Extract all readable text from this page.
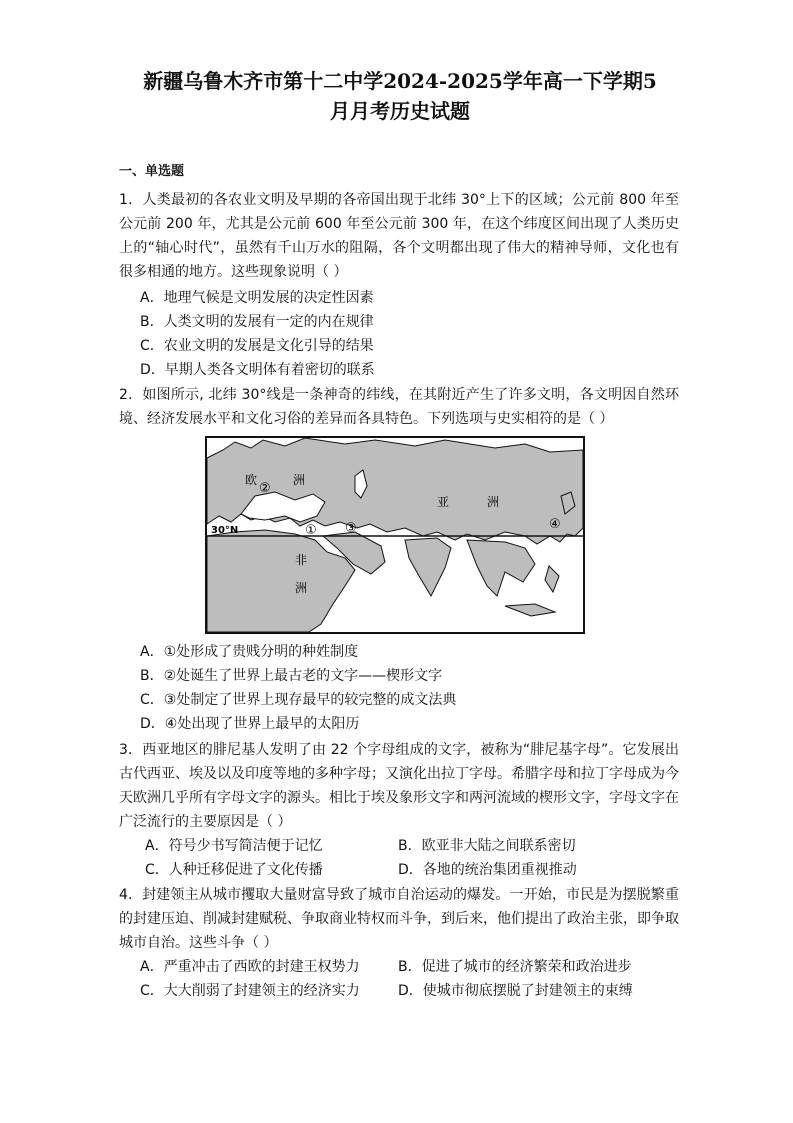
新疆乌鲁木齐市第十二中学2024-2025学年高一下学期5
月月考历史试题
一、单选题
1．人类最初的各农业文明及早期的各帝国出现于北纬 30°上下的区域；公元前 800 年至公元前 200 年，尤其是公元前 600 年至公元前 300 年，在这个纬度区间出现了人类历史上的“轴心时代”，虽然有千山万水的阻隔，各个文明都出现了伟大的精神导师，文化也有很多相通的地方。这些现象说明（ ）
A．地理气候是文明发展的决定性因素
B．人类文明的发展有一定的内在规律
C．农业文明的发展是文化引导的结果
D．早期人类各文明体有着密切的联系
2．如图所示, 北纬 30°线是一条神奇的纬线，在其附近产生了许多文明，各文明因自然环境、经济发展水平和文化习俗的差异而各具特色。下列选项与史实相符的是（ ）
30°N
欧	洲
亚	洲
非
洲
①
②
③	④
A．①处形成了贵贱分明的种姓制度
B．②处诞生了世界上最古老的文字——楔形文字
C．③处制定了世界上现存最早的较完整的成文法典
D．④处出现了世界上最早的太阳历
3．西亚地区的腓尼基人发明了由 22 个字母组成的文字，被称为“腓尼基字母”。它发展出古代西亚、埃及以及印度等地的多种字母；又演化出拉丁字母。希腊字母和拉丁字母成为今天欧洲几乎所有字母文字的源头。相比于埃及象形文字和两河流域的楔形文字，字母文字在广泛流行的主要原因是（ ）
A．符号少书写简洁便于记忆	B．欧亚非大陆之间联系密切
C．人种迁移促进了文化传播	D．各地的统治集团重视推动
4．封建领主从城市攫取大量财富导致了城市自治运动的爆发。一开始，市民是为摆脱繁重的封建压迫、削减封建赋税、争取商业特权而斗争，到后来，他们提出了政治主张，即争取城市自治。这些斗争（ ）
A．严重冲击了西欧的封建王权势力	B．促进了城市的经济繁荣和政治进步
C．大大削弱了封建领主的经济实力	D．使城市彻底摆脱了封建领主的束缚
